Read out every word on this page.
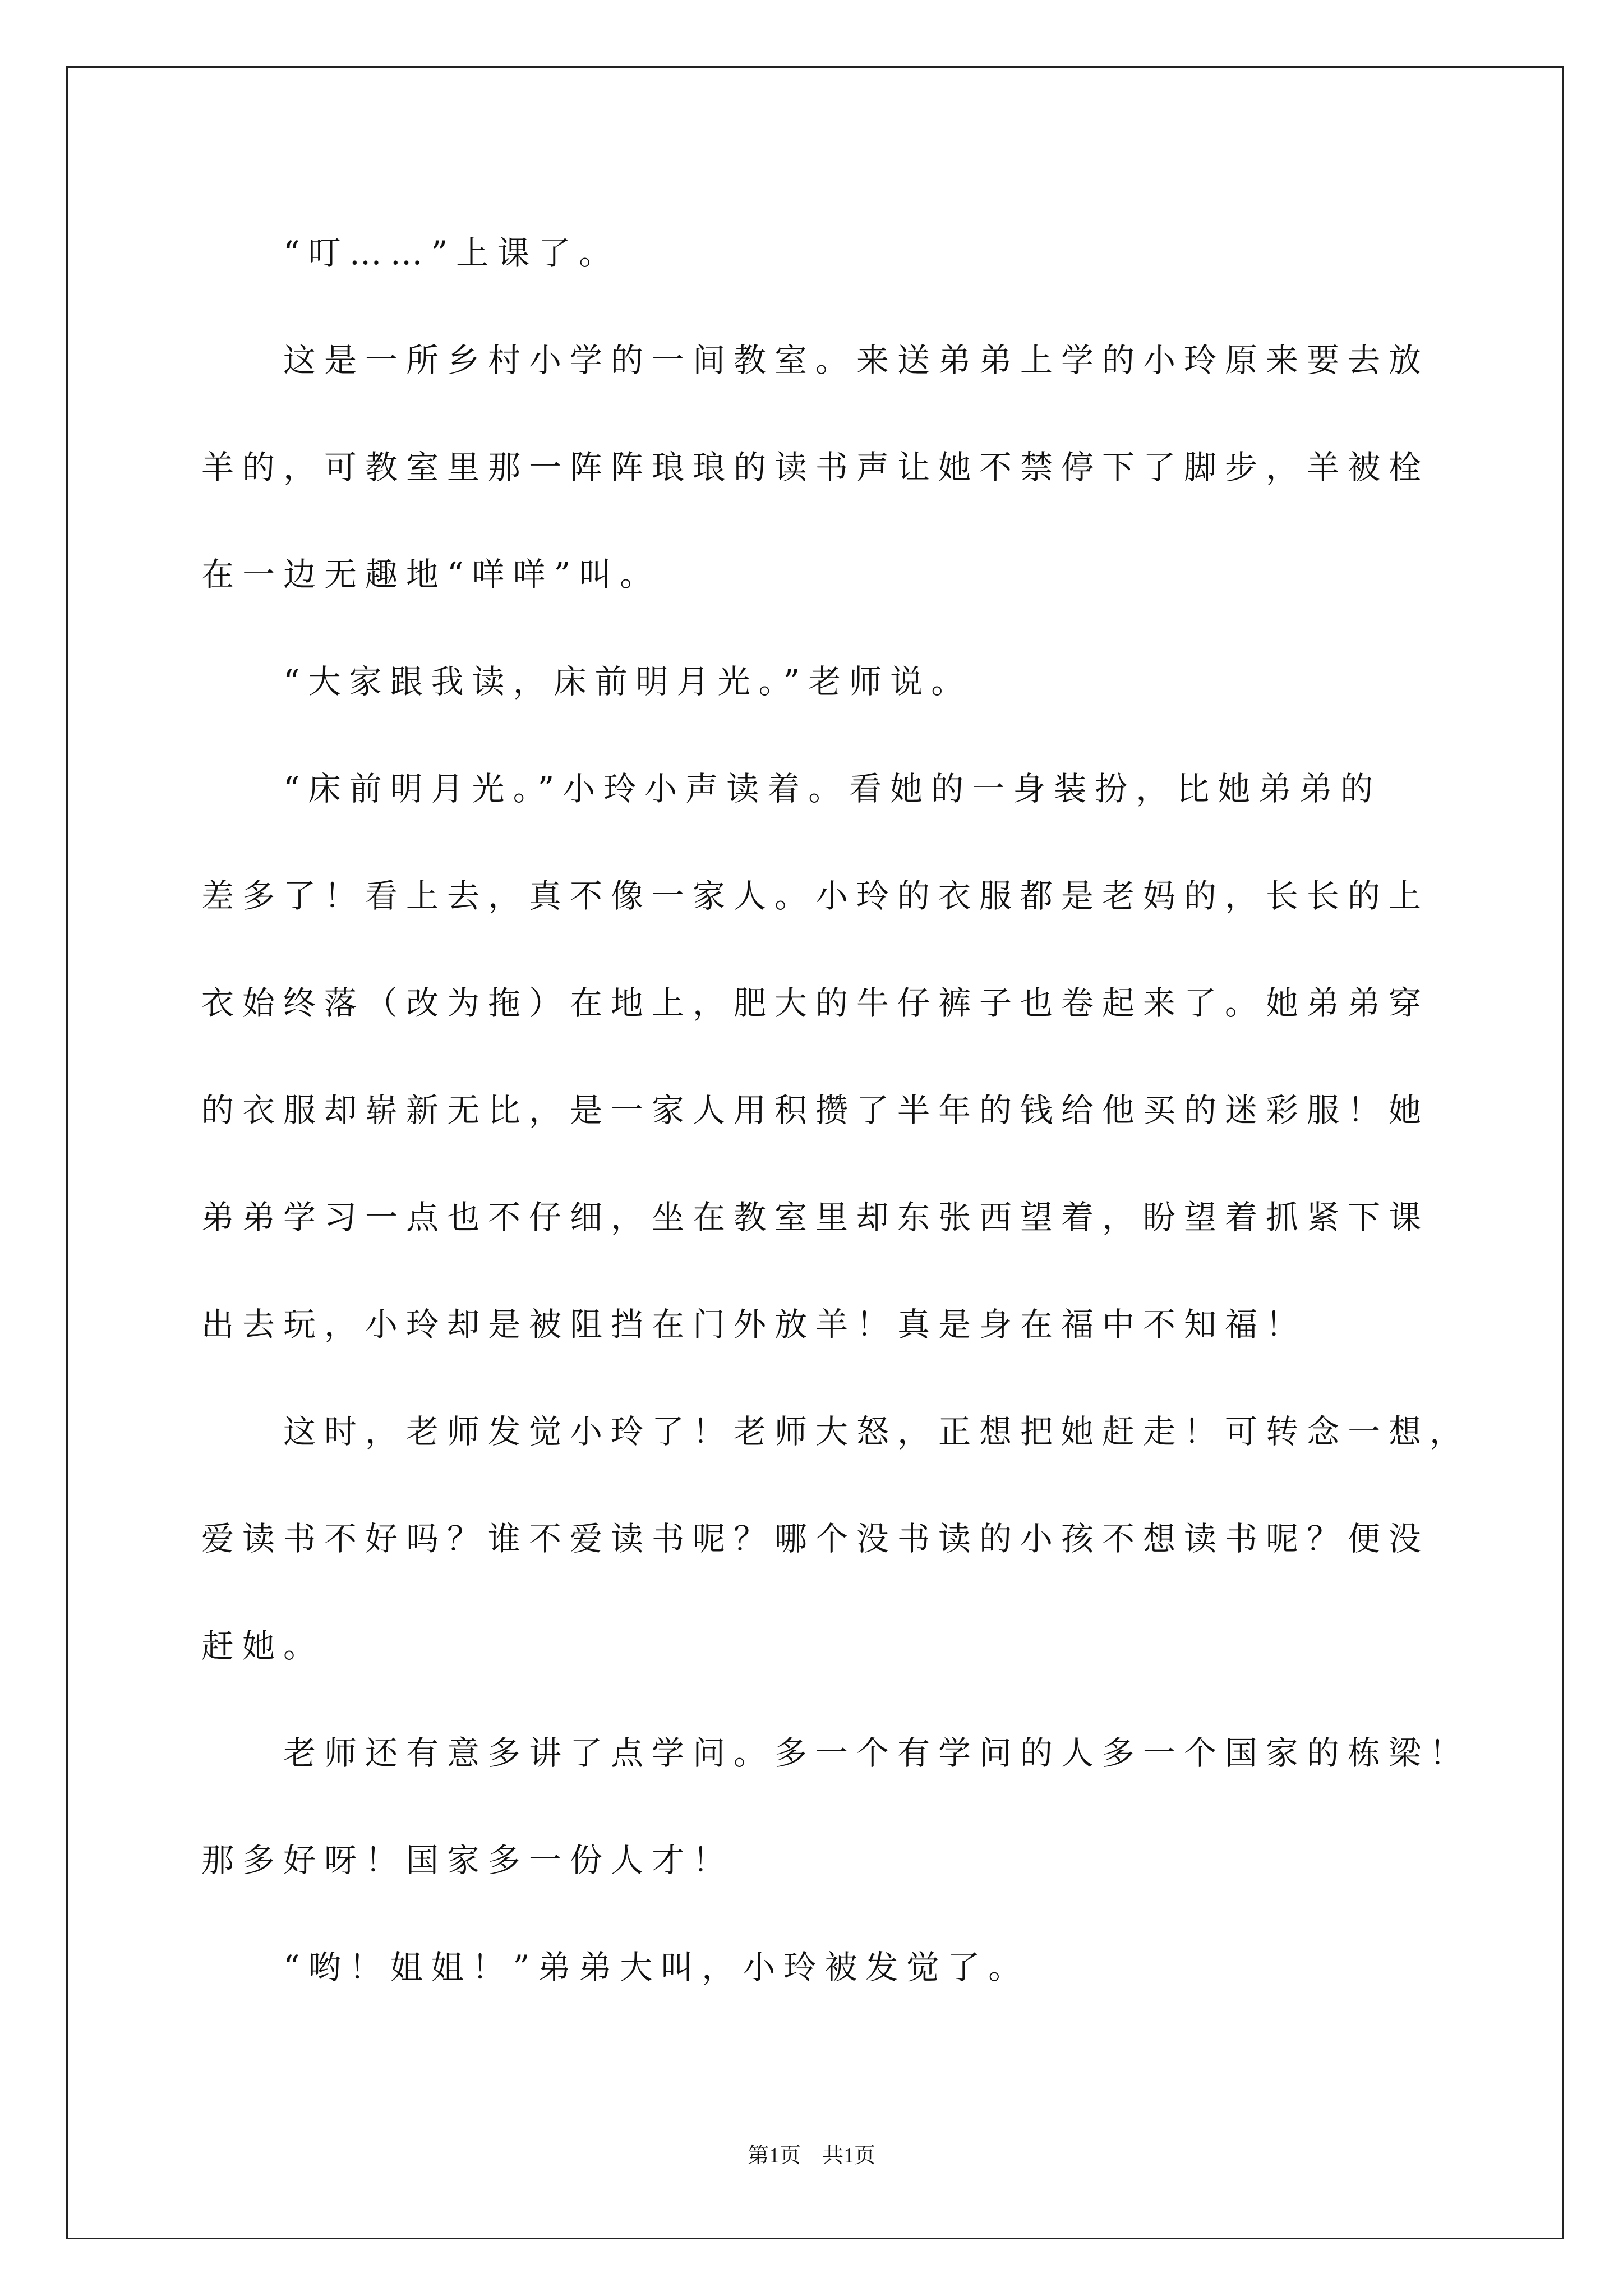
“叮……”上课了。
这是一所乡村小学的一间教室。来送弟弟上学的小玲原来要去放
羊的，可教室里那一阵阵琅琅的读书声让她不禁停下了脚步，羊被栓
在一边无趣地“咩咩”叫。
“大家跟我读，床前明月光。”老师说。
“床前明月光。”小玲小声读着。看她的一身装扮，比她弟弟的
差多了！看上去，真不像一家人。小玲的衣服都是老妈的，长长的上
衣始终落（改为拖）在地上，肥大的牛仔裤子也卷起来了。她弟弟穿
的衣服却崭新无比，是一家人用积攒了半年的钱给他买的迷彩服！她
弟弟学习一点也不仔细，坐在教室里却东张西望着，盼望着抓紧下课
出去玩，小玲却是被阻挡在门外放羊！真是身在福中不知福！
这时，老师发觉小玲了！老师大怒，正想把她赶走！可转念一想，
爱读书不好吗？谁不爱读书呢？哪个没书读的小孩不想读书呢？便没
赶她。
老师还有意多讲了点学问。多一个有学问的人多一个国家的栋梁！
那多好呀！国家多一份人才！
“哟！姐姐！”弟弟大叫，小玲被发觉了。
第1页　共1页
